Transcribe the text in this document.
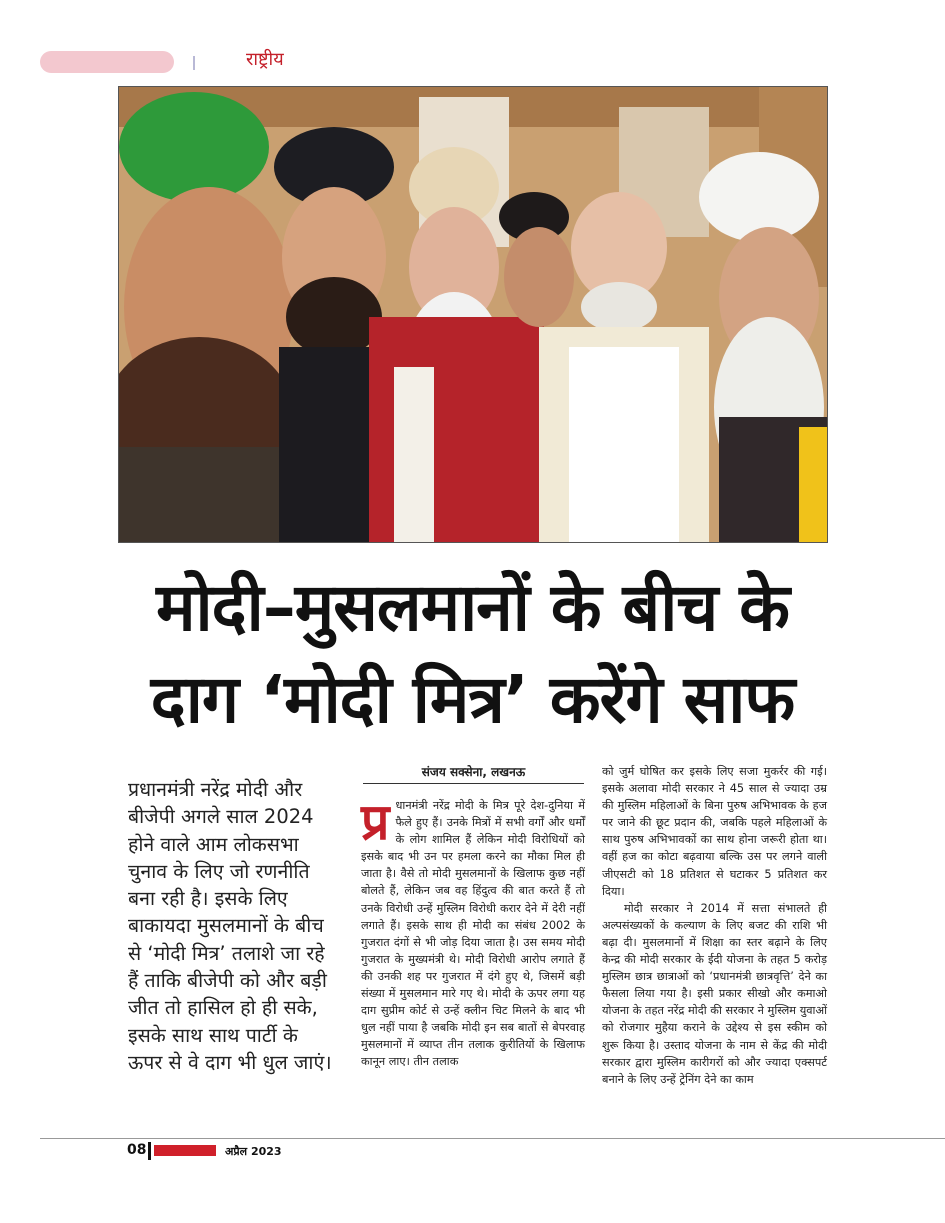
राष्ट्रीय
मोदी–मुसलमानों के बीच के
दाग ‘मोदी मित्र’ करेंगे साफ
प्रधानमंत्री नरेंद्र मोदी और बीजेपी अगले साल 2024 होने वाले आम लोकसभा चुनाव के लिए जो रणनीति बना रही है। इसके लिए बाकायदा मुसलमानों के बीच से ‘मोदी मित्र’ तलाशे जा रहे हैं ताकि बीजेपी को और बड़ी जीत तो हासिल हो ही सके, इसके साथ साथ पार्टी के ऊपर से वे दाग भी धुल जाएं।
संजय सक्सेना, लखनऊ

प्र धानमंत्री नरेंद्र मोदी के मित्र पूरे देश-दुनिया में फैले हुए हैं। उनके मित्रों में सभी वर्गों और धर्मों के लोग शामिल हैं लेकिन मोदी विरोधियों को इसके बाद भी उन पर हमला करने का मौका मिल ही जाता है। वैसे तो मोदी मुसलमानों के खिलाफ कुछ नहीं बोलते हैं, लेकिन जब वह हिंदुत्व की बात करते हैं तो उनके विरोधी उन्हें मुस्लिम विरोधी करार देने में देरी नहीं लगाते हैं। इसके साथ ही मोदी का संबंध 2002 के गुजरात दंगों से भी जोड़ दिया जाता है। उस समय मोदी गुजरात के मुख्यमंत्री थे। मोदी विरोधी आरोप लगाते हैं की उनकी शह पर गुजरात में दंगे हुए थे, जिसमें बड़ी संख्या में मुसलमान मारे गए थे। मोदी के ऊपर लगा यह दाग सुप्रीम कोर्ट से उन्हें क्लीन चिट मिलने के बाद भी धुल नहीं पाया है जबकि मोदी इन सब बातों से बेपरवाह मुसलमानों में व्याप्त तीन तलाक कुरीतियों के खिलाफ कानून लाए। तीन तलाक

को जुर्म घोषित कर इसके लिए सजा मुकर्रर की गई। इसके अलावा मोदी सरकार ने 45 साल से ज्यादा उम्र की मुस्लिम महिलाओं के बिना पुरुष अभिभावक के हज पर जाने की छूट प्रदान की, जबकि पहले महिलाओं के साथ पुरुष अभिभावकों का साथ होना जरूरी होता था। वहीं हज का कोटा बढ़वाया बल्कि उस पर लगने वाली जीएसटी को 18 प्रतिशत से घटाकर 5 प्रतिशत कर दिया।

मोदी सरकार ने 2014 में सत्ता संभालते ही अल्पसंख्यकों के कल्याण के लिए बजट की राशि भी बढ़ा दी। मुसलमानों में शिक्षा का स्तर बढ़ाने के लिए केन्द्र की मोदी सरकार के ईदी योजना के तहत 5 करोड़ मुस्लिम छात्र छात्राओं को ‘प्रधानमंत्री छात्रवृत्ति’ देने का फैसला लिया गया है। इसी प्रकार सीखो और कमाओ योजना के तहत नरेंद्र मोदी की सरकार ने मुस्लिम युवाओं को रोजगार मुहैया कराने के उद्देश्य से इस स्कीम को शुरू किया है। उस्ताद योजना के नाम से केंद्र की मोदी सरकार द्वारा मुस्लिम कारीगरों को और ज्यादा एक्सपर्ट बनाने के लिए उन्हें ट्रेनिंग देने का काम

08	अप्रैल 2023
